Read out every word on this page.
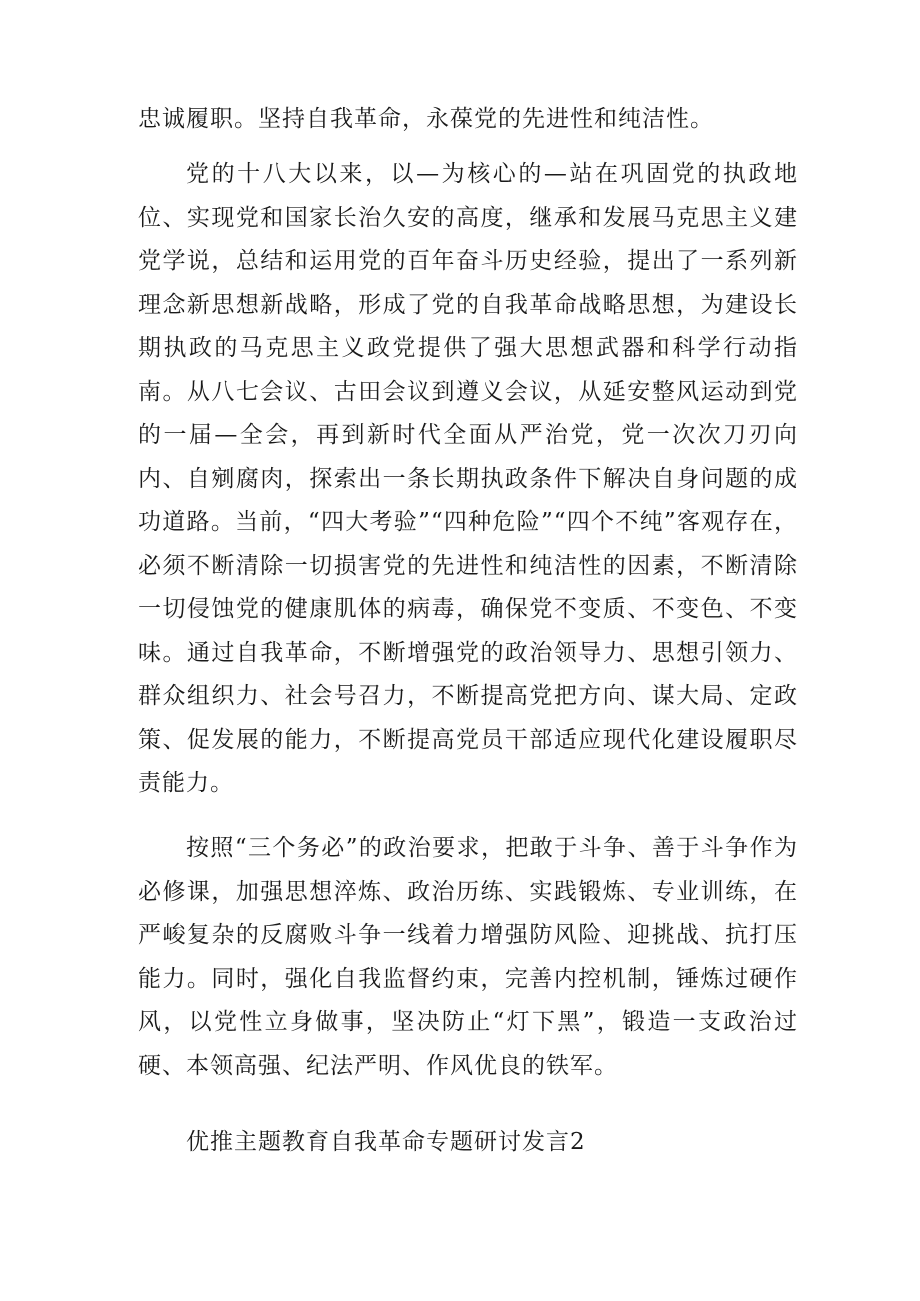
忠诚履职。坚持自我革命，永葆党的先进性和纯洁性。

党的十八大以来，以—为核心的—站在巩固党的执政地位、实现党和国家长治久安的高度，继承和发展马克思主义建党学说，总结和运用党的百年奋斗历史经验，提出了一系列新理念新思想新战略，形成了党的自我革命战略思想，为建设长期执政的马克思主义政党提供了强大思想武器和科学行动指南。从八七会议、古田会议到遵义会议，从延安整风运动到党的一届—全会，再到新时代全面从严治党，党一次次刀刃向内、自剜腐肉，探索出一条长期执政条件下解决自身问题的成功道路。当前，“四大考验”“四种危险”“四个不纯”客观存在，必须不断清除一切损害党的先进性和纯洁性的因素，不断清除一切侵蚀党的健康肌体的病毒，确保党不变质、不变色、不变味。通过自我革命，不断增强党的政治领导力、思想引领力、群众组织力、社会号召力，不断提高党把方向、谋大局、定政策、促发展的能力，不断提高党员干部适应现代化建设履职尽责能力。

按照“三个务必”的政治要求，把敢于斗争、善于斗争作为必修课，加强思想淬炼、政治历练、实践锻炼、专业训练，在严峻复杂的反腐败斗争一线着力增强防风险、迎挑战、抗打压能力。同时，强化自我监督约束，完善内控机制，锤炼过硬作风，以党性立身做事，坚决防止“灯下黑”，锻造一支政治过硬、本领高强、纪法严明、作风优良的铁军。

优推主题教育自我革命专题研讨发言2
